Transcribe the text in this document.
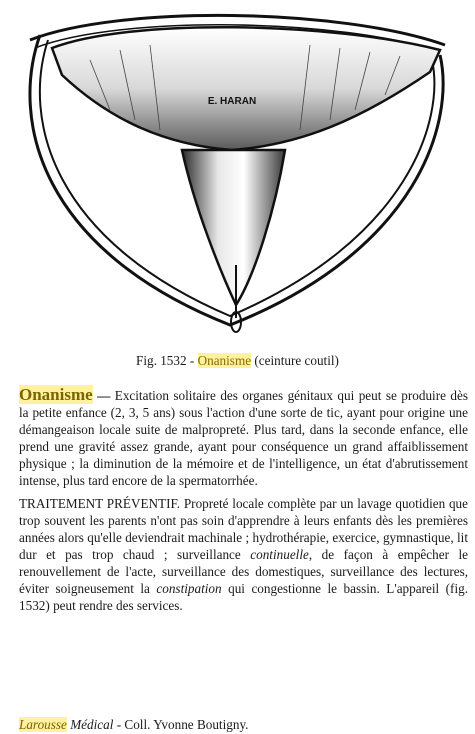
E. HARAN
Fig. 1532 - Onanisme (ceinture coutil)

Onanisme — Excitation solitaire des organes génitaux qui peut se produire dès la petite enfance (2, 3, 5 ans) sous l'action d'une sorte de tic, ayant pour origine une démangeaison locale suite de malpropreté. Plus tard, dans la seconde enfance, elle prend une gravité assez grande, ayant pour conséquence un grand affaiblissement physique ; la diminution de la mémoire et de l'intelligence, un état d'abrutissement intense, plus tard encore de la spermatorrhée.

TRAITEMENT PRÉVENTIF. Propreté locale complète par un lavage quotidien que trop souvent les parents n'ont pas soin d'apprendre à leurs enfants dès les premières années alors qu'elle deviendrait machinale ; hydrothérapie, exercice, gymnastique, lit dur et pas trop chaud ; surveillance continuelle, de façon à empêcher le renouvellement de l'acte, surveillance des domestiques, surveillance des lectures, éviter soigneusement la constipation qui congestionne le bassin. L'appareil (fig. 1532) peut rendre des services.

Larousse Médical - Coll. Yvonne Boutigny.
